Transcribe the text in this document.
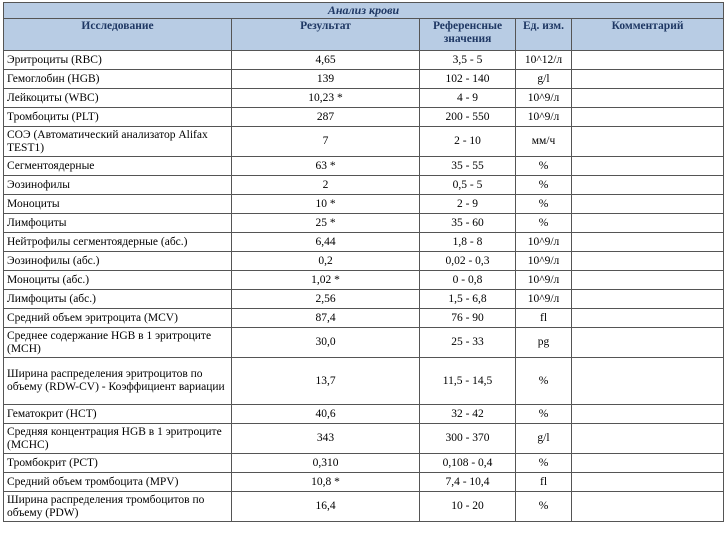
Анализ крови				
Исследование	Результат	Референсные значения	Ед. изм.	Комментарий
Эритроциты (RBC)	4,65	3,5 - 5	10^12/л	
Гемоглобин (HGB)	139	102 - 140	g/l	
Лейкоциты (WBC)	10,23 *	4 - 9	10^9/л	
Тромбоциты (PLT)	287	200 - 550	10^9/л	
СОЭ (Автоматический анализатор Alifax TEST1)	7	2 - 10	мм/ч	
Сегментоядерные	63 *	35 - 55	%	
Эозинофилы	2	0,5 - 5	%	
Моноциты	10 *	2 - 9	%	
Лимфоциты	25 *	35 - 60	%	
Нейтрофилы сегментоядерные (абс.)	6,44	1,8 - 8	10^9/л	
Эозинофилы (абс.)	0,2	0,02 - 0,3	10^9/л	
Моноциты (абс.)	1,02 *	0 - 0,8	10^9/л	
Лимфоциты (абс.)	2,56	1,5 - 6,8	10^9/л	
Средний объем эритроцита (MCV)	87,4	76 - 90	fl	
Среднее содержание HGB в 1 эритроците (MCH)	30,0	25 - 33	pg	
Ширина распределения эритроцитов по объему (RDW-CV) - Коэффициент вариации	13,7	11,5 - 14,5	%	
Гематокрит (HCT)	40,6	32 - 42	%	
Средняя концентрация HGB в 1 эритроците (MCHC)	343	300 - 370	g/l	
Тромбокрит (PCT)	0,310	0,108 - 0,4	%	
Средний объем тромбоцита (MPV)	10,8 *	7,4 - 10,4	fl	
Ширина распределения тромбоцитов по объему (PDW)	16,4	10 - 20	%	
